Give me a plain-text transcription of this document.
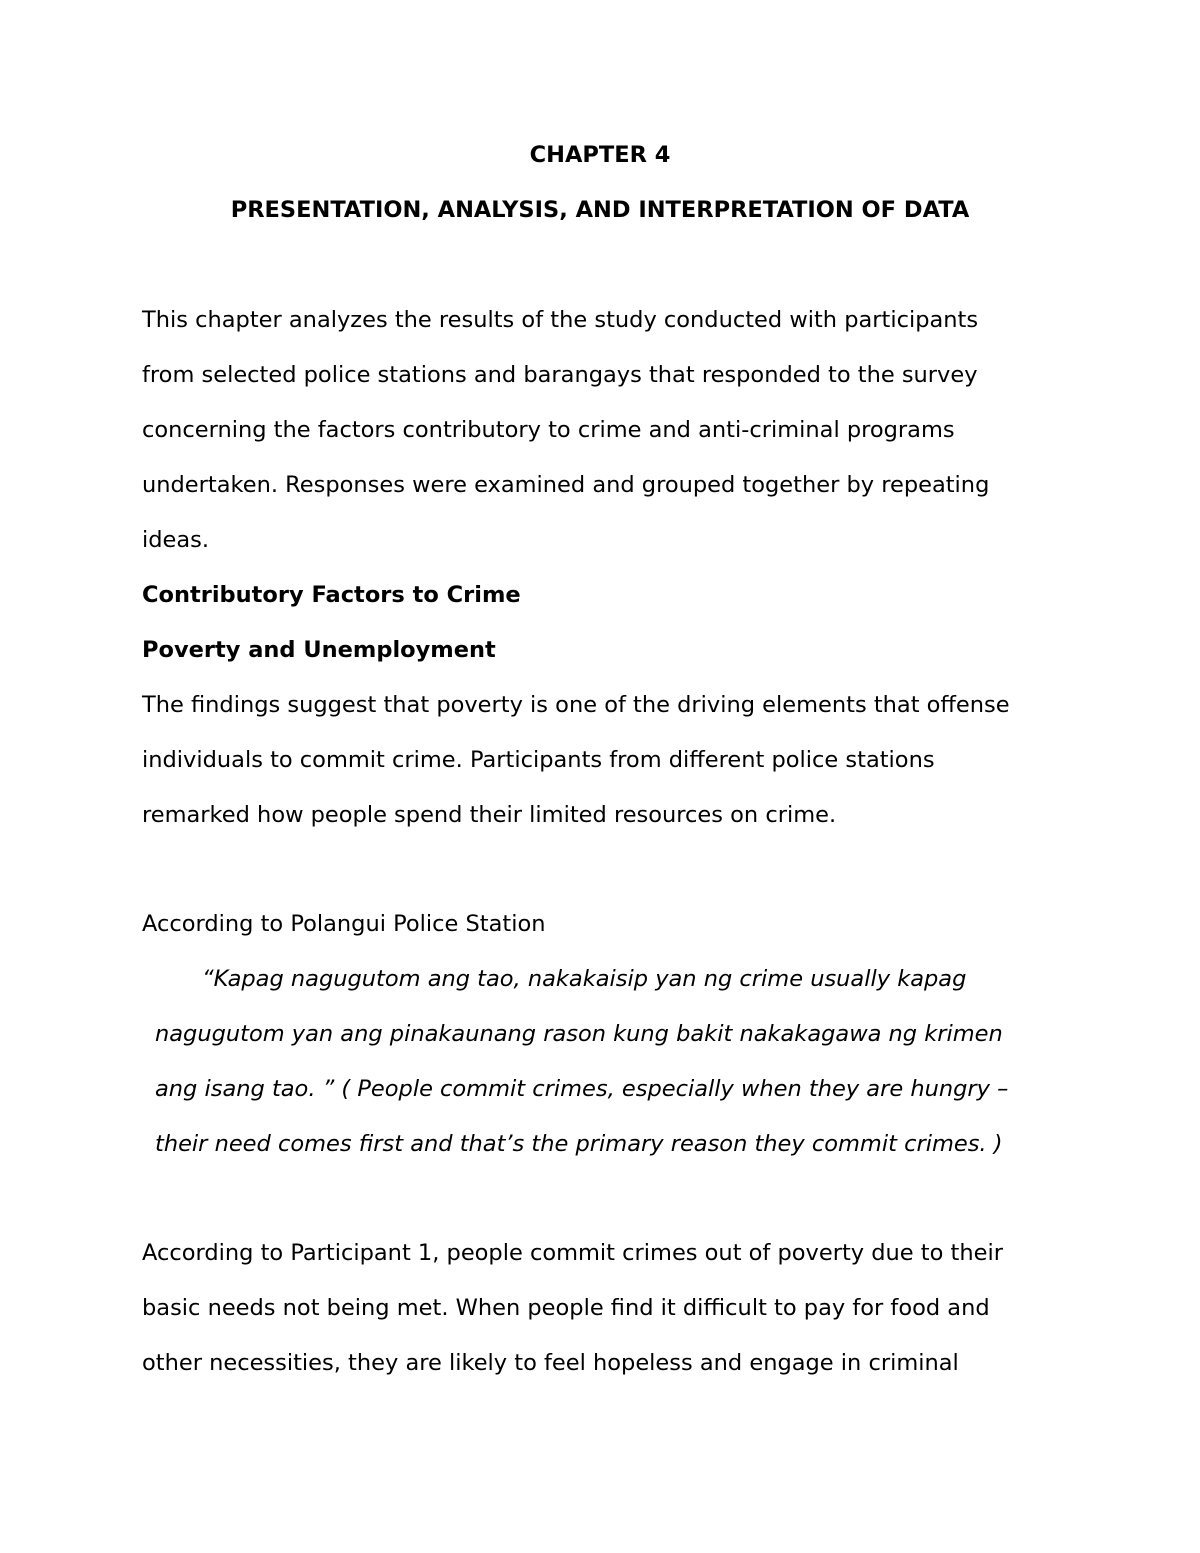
CHAPTER 4
PRESENTATION, ANALYSIS, AND INTERPRETATION OF DATA
This chapter analyzes the results of the study conducted with participants
from selected police stations and barangays that responded to the survey
concerning the factors contributory to crime and anti-criminal programs
undertaken. Responses were examined and grouped together by repeating
ideas.
Contributory Factors to Crime
Poverty and Unemployment
The findings suggest that poverty is one of the driving elements that offense
individuals to commit crime. Participants from different police stations
remarked how people spend their limited resources on crime.
According to Polangui Police Station
“Kapag nagugutom ang tao, nakakaisip yan ng crime usually kapag
nagugutom yan ang pinakaunang rason kung bakit nakakagawa ng krimen
ang isang tao. ” ( People commit crimes, especially when they are hungry –
their need comes first and that’s the primary reason they commit crimes. )
According to Participant 1, people commit crimes out of poverty due to their
basic needs not being met. When people find it difficult to pay for food and
other necessities, they are likely to feel hopeless and engage in criminal
